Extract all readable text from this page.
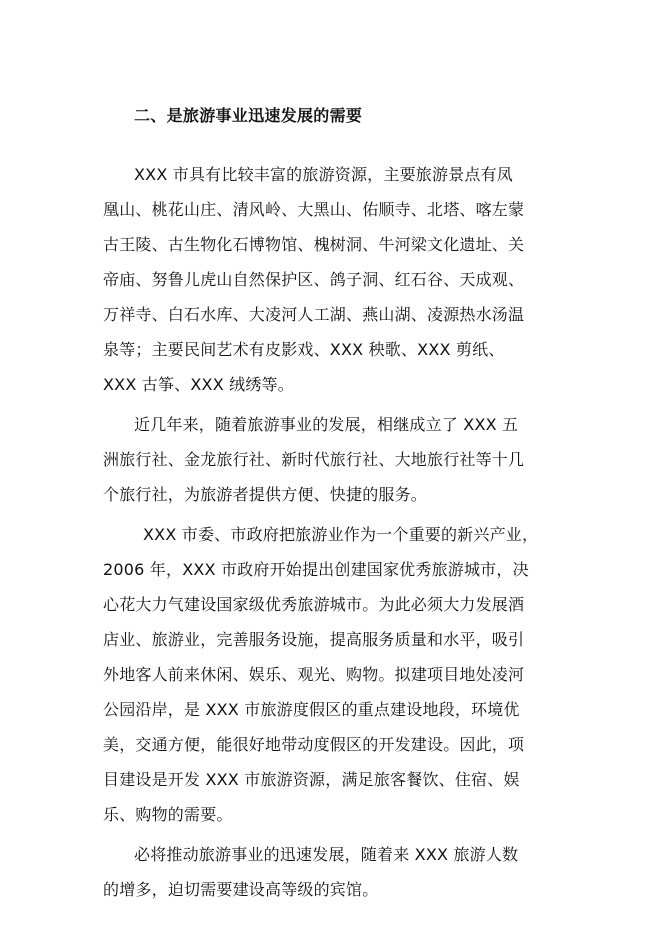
二、是旅游事业迅速发展的需要
XXX 市具有比较丰富的旅游资源，主要旅游景点有凤
凰山、桃花山庄、清风岭、大黑山、佑顺寺、北塔、喀左蒙
古王陵、古生物化石博物馆、槐树洞、牛河梁文化遗址、关
帝庙、努鲁儿虎山自然保护区、鸽子洞、红石谷、天成观、
万祥寺、白石水库、大凌河人工湖、燕山湖、凌源热水汤温
泉等；主要民间艺术有皮影戏、XXX 秧歌、XXX 剪纸、
XXX 古筝、XXX 绒绣等。
近几年来，随着旅游事业的发展，相继成立了 XXX 五
洲旅行社、金龙旅行社、新时代旅行社、大地旅行社等十几
个旅行社，为旅游者提供方便、快捷的服务。
XXX 市委、市政府把旅游业作为一个重要的新兴产业，
2006 年，XXX 市政府开始提出创建国家优秀旅游城市，决
心花大力气建设国家级优秀旅游城市。为此必须大力发展酒
店业、旅游业，完善服务设施，提高服务质量和水平，吸引
外地客人前来休闲、娱乐、观光、购物。拟建项目地处凌河
公园沿岸，是 XXX 市旅游度假区的重点建设地段，环境优
美，交通方便，能很好地带动度假区的开发建设。因此，项
目建设是开发 XXX 市旅游资源，满足旅客餐饮、住宿、娱
乐、购物的需要。
必将推动旅游事业的迅速发展，随着来 XXX 旅游人数
的增多，迫切需要建设高等级的宾馆。
